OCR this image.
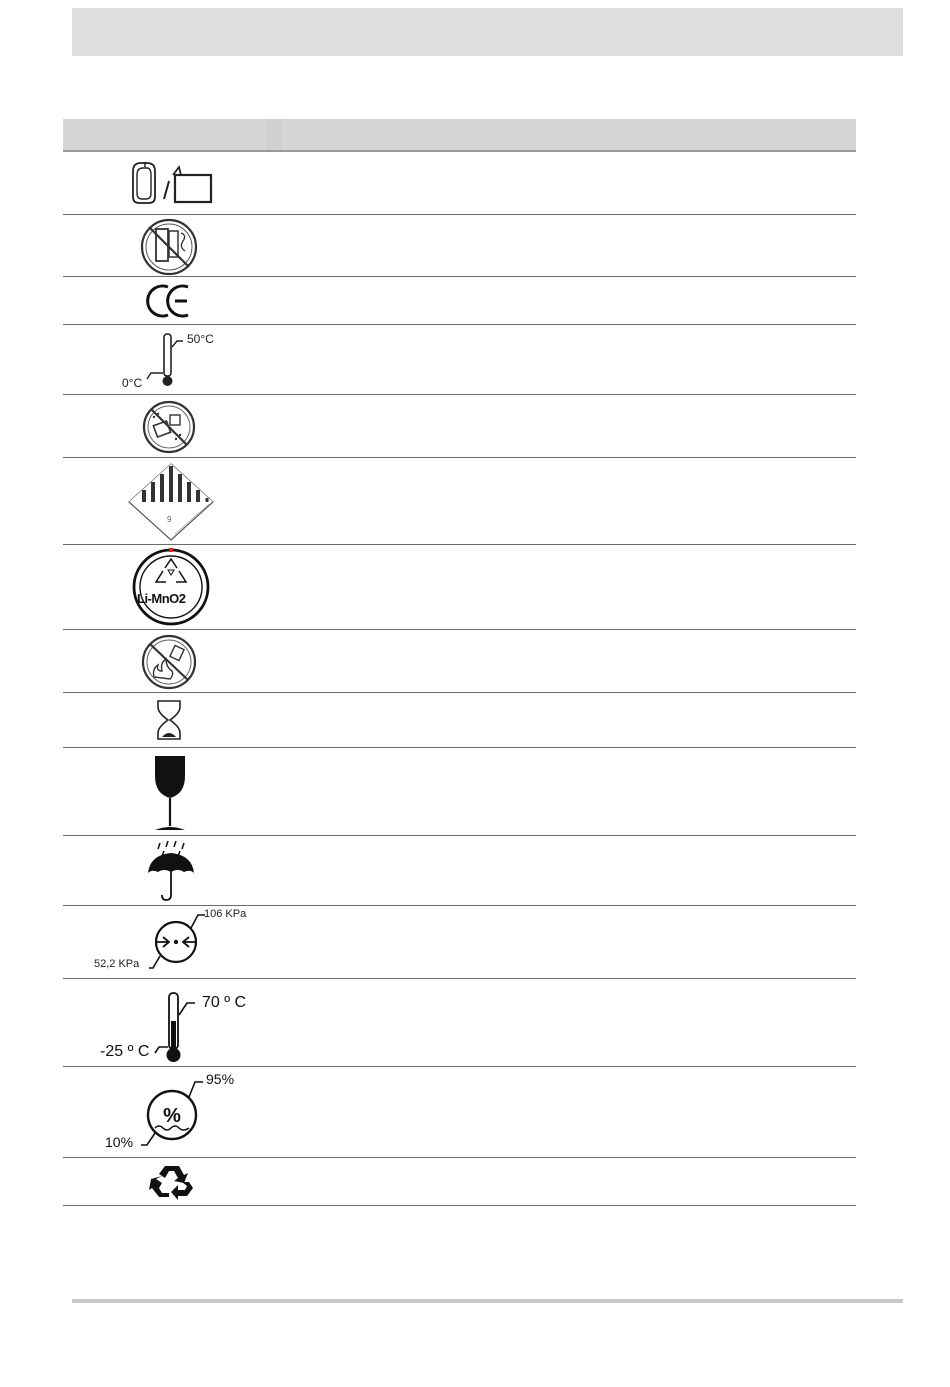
0°C
50°C
9
Li-MnO2
52,2 KPa
106 KPa
-25 º C
70 º C
%
10%
95%
